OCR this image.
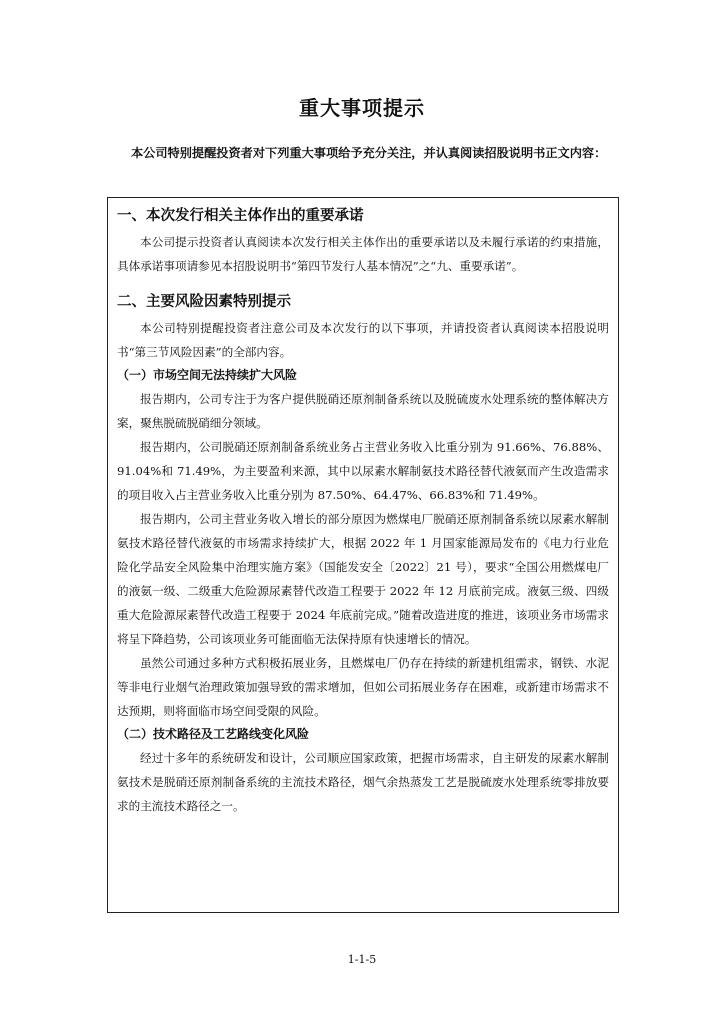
重大事项提示
本公司特别提醒投资者对下列重大事项给予充分关注，并认真阅读招股说明书正文内容：
一、本次发行相关主体作出的重要承诺

本公司提示投资者认真阅读本次发行相关主体作出的重要承诺以及未履行承诺的约束措施，具体承诺事项请参见本招股说明书“第四节发行人基本情况”之“九、重要承诺”。

二、主要风险因素特别提示

本公司特别提醒投资者注意公司及本次发行的以下事项，并请投资者认真阅读本招股说明书“第三节风险因素”的全部内容。

（一）市场空间无法持续扩大风险

报告期内，公司专注于为客户提供脱硝还原剂制备系统以及脱硫废水处理系统的整体解决方案，聚焦脱硫脱硝细分领域。

报告期内，公司脱硝还原剂制备系统业务占主营业务收入比重分别为 91.66%、76.88%、91.04%和 71.49%，为主要盈利来源，其中以尿素水解制氨技术路径替代液氨而产生改造需求的项目收入占主营业务收入比重分别为 87.50%、64.47%、66.83%和 71.49%。

报告期内，公司主营业务收入增长的部分原因为燃煤电厂脱硝还原剂制备系统以尿素水解制氨技术路径替代液氨的市场需求持续扩大，根据 2022 年 1 月国家能源局发布的《电力行业危险化学品安全风险集中治理实施方案》（国能发安全〔2022〕21 号），要求“全国公用燃煤电厂的液氨一级、二级重大危险源尿素替代改造工程要于 2022 年 12 月底前完成。液氨三级、四级重大危险源尿素替代改造工程要于 2024 年底前完成。”随着改造进度的推进，该项业务市场需求将呈下降趋势，公司该项业务可能面临无法保持原有快速增长的情况。

虽然公司通过多种方式积极拓展业务，且燃煤电厂仍存在持续的新建机组需求，钢铁、水泥等非电行业烟气治理政策加强导致的需求增加，但如公司拓展业务存在困难，或新建市场需求不达预期，则将面临市场空间受限的风险。

（二）技术路径及工艺路线变化风险

经过十多年的系统研发和设计，公司顺应国家政策，把握市场需求，自主研发的尿素水解制氨技术是脱硝还原剂制备系统的主流技术路径，烟气余热蒸发工艺是脱硫废水处理系统零排放要求的主流技术路径之一。

1-1-5
